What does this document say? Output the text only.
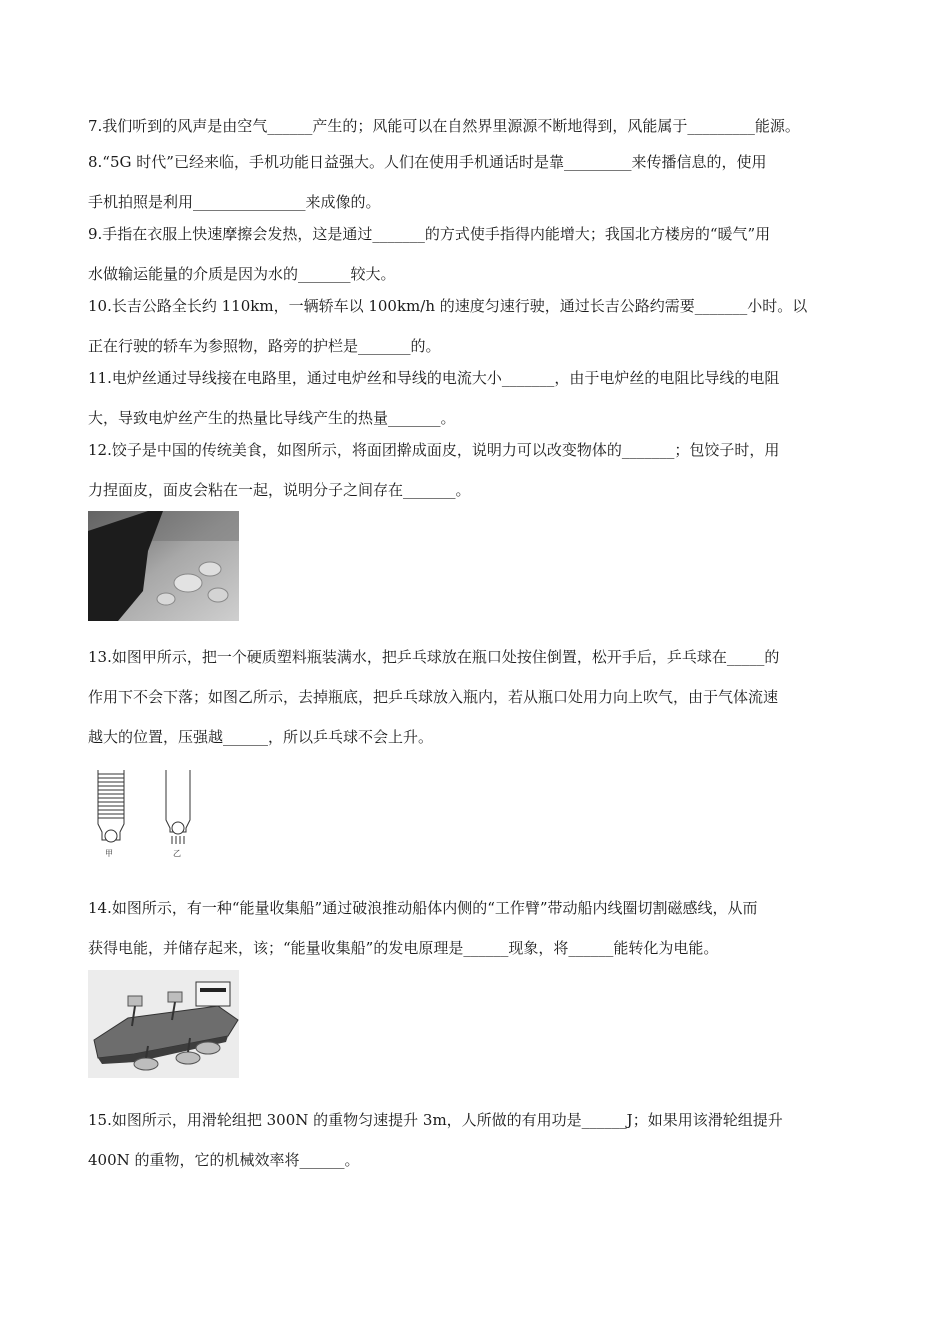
7.我们听到的风声是由空气______产生的；风能可以在自然界里源源不断地得到，风能属于_________能源。

8.“5G 时代”已经来临，手机功能日益强大。人们在使用手机通话时是靠_________来传播信息的，使用
手机拍照是利用_______________来成像的。

9.手指在衣服上快速摩擦会发热，这是通过_______的方式使手指得内能增大；我国北方楼房的“暖气”用
水做输运能量的介质是因为水的_______较大。

10.长吉公路全长约 110km，一辆轿车以 100km/h 的速度匀速行驶，通过长吉公路约需要_______小时。以
正在行驶的轿车为参照物，路旁的护栏是_______的。

11.电炉丝通过导线接在电路里，通过电炉丝和导线的电流大小_______，由于电炉丝的电阻比导线的电阻
大，导致电炉丝产生的热量比导线产生的热量_______。

12.饺子是中国的传统美食，如图所示，将面团擀成面皮，说明力可以改变物体的_______；包饺子时，用
力捏面皮，面皮会粘在一起，说明分子之间存在_______。

13.如图甲所示，把一个硬质塑料瓶装满水，把乒乓球放在瓶口处按住倒置，松开手后，乒乓球在_____的
作用下不会下落；如图乙所示，去掉瓶底，把乒乓球放入瓶内，若从瓶口处用力向上吹气，由于气体流速
越大的位置，压强越______，所以乒乓球不会上升。

甲	乙

14.如图所示，有一种“能量收集船”通过破浪推动船体内侧的“工作臂”带动船内线圈切割磁感线，从而
获得电能，并储存起来，该；“能量收集船”的发电原理是______现象，将______能转化为电能。

15.如图所示，用滑轮组把 300N 的重物匀速提升 3m，人所做的有用功是______J；如果用该滑轮组提升
400N 的重物，它的机械效率将______。
